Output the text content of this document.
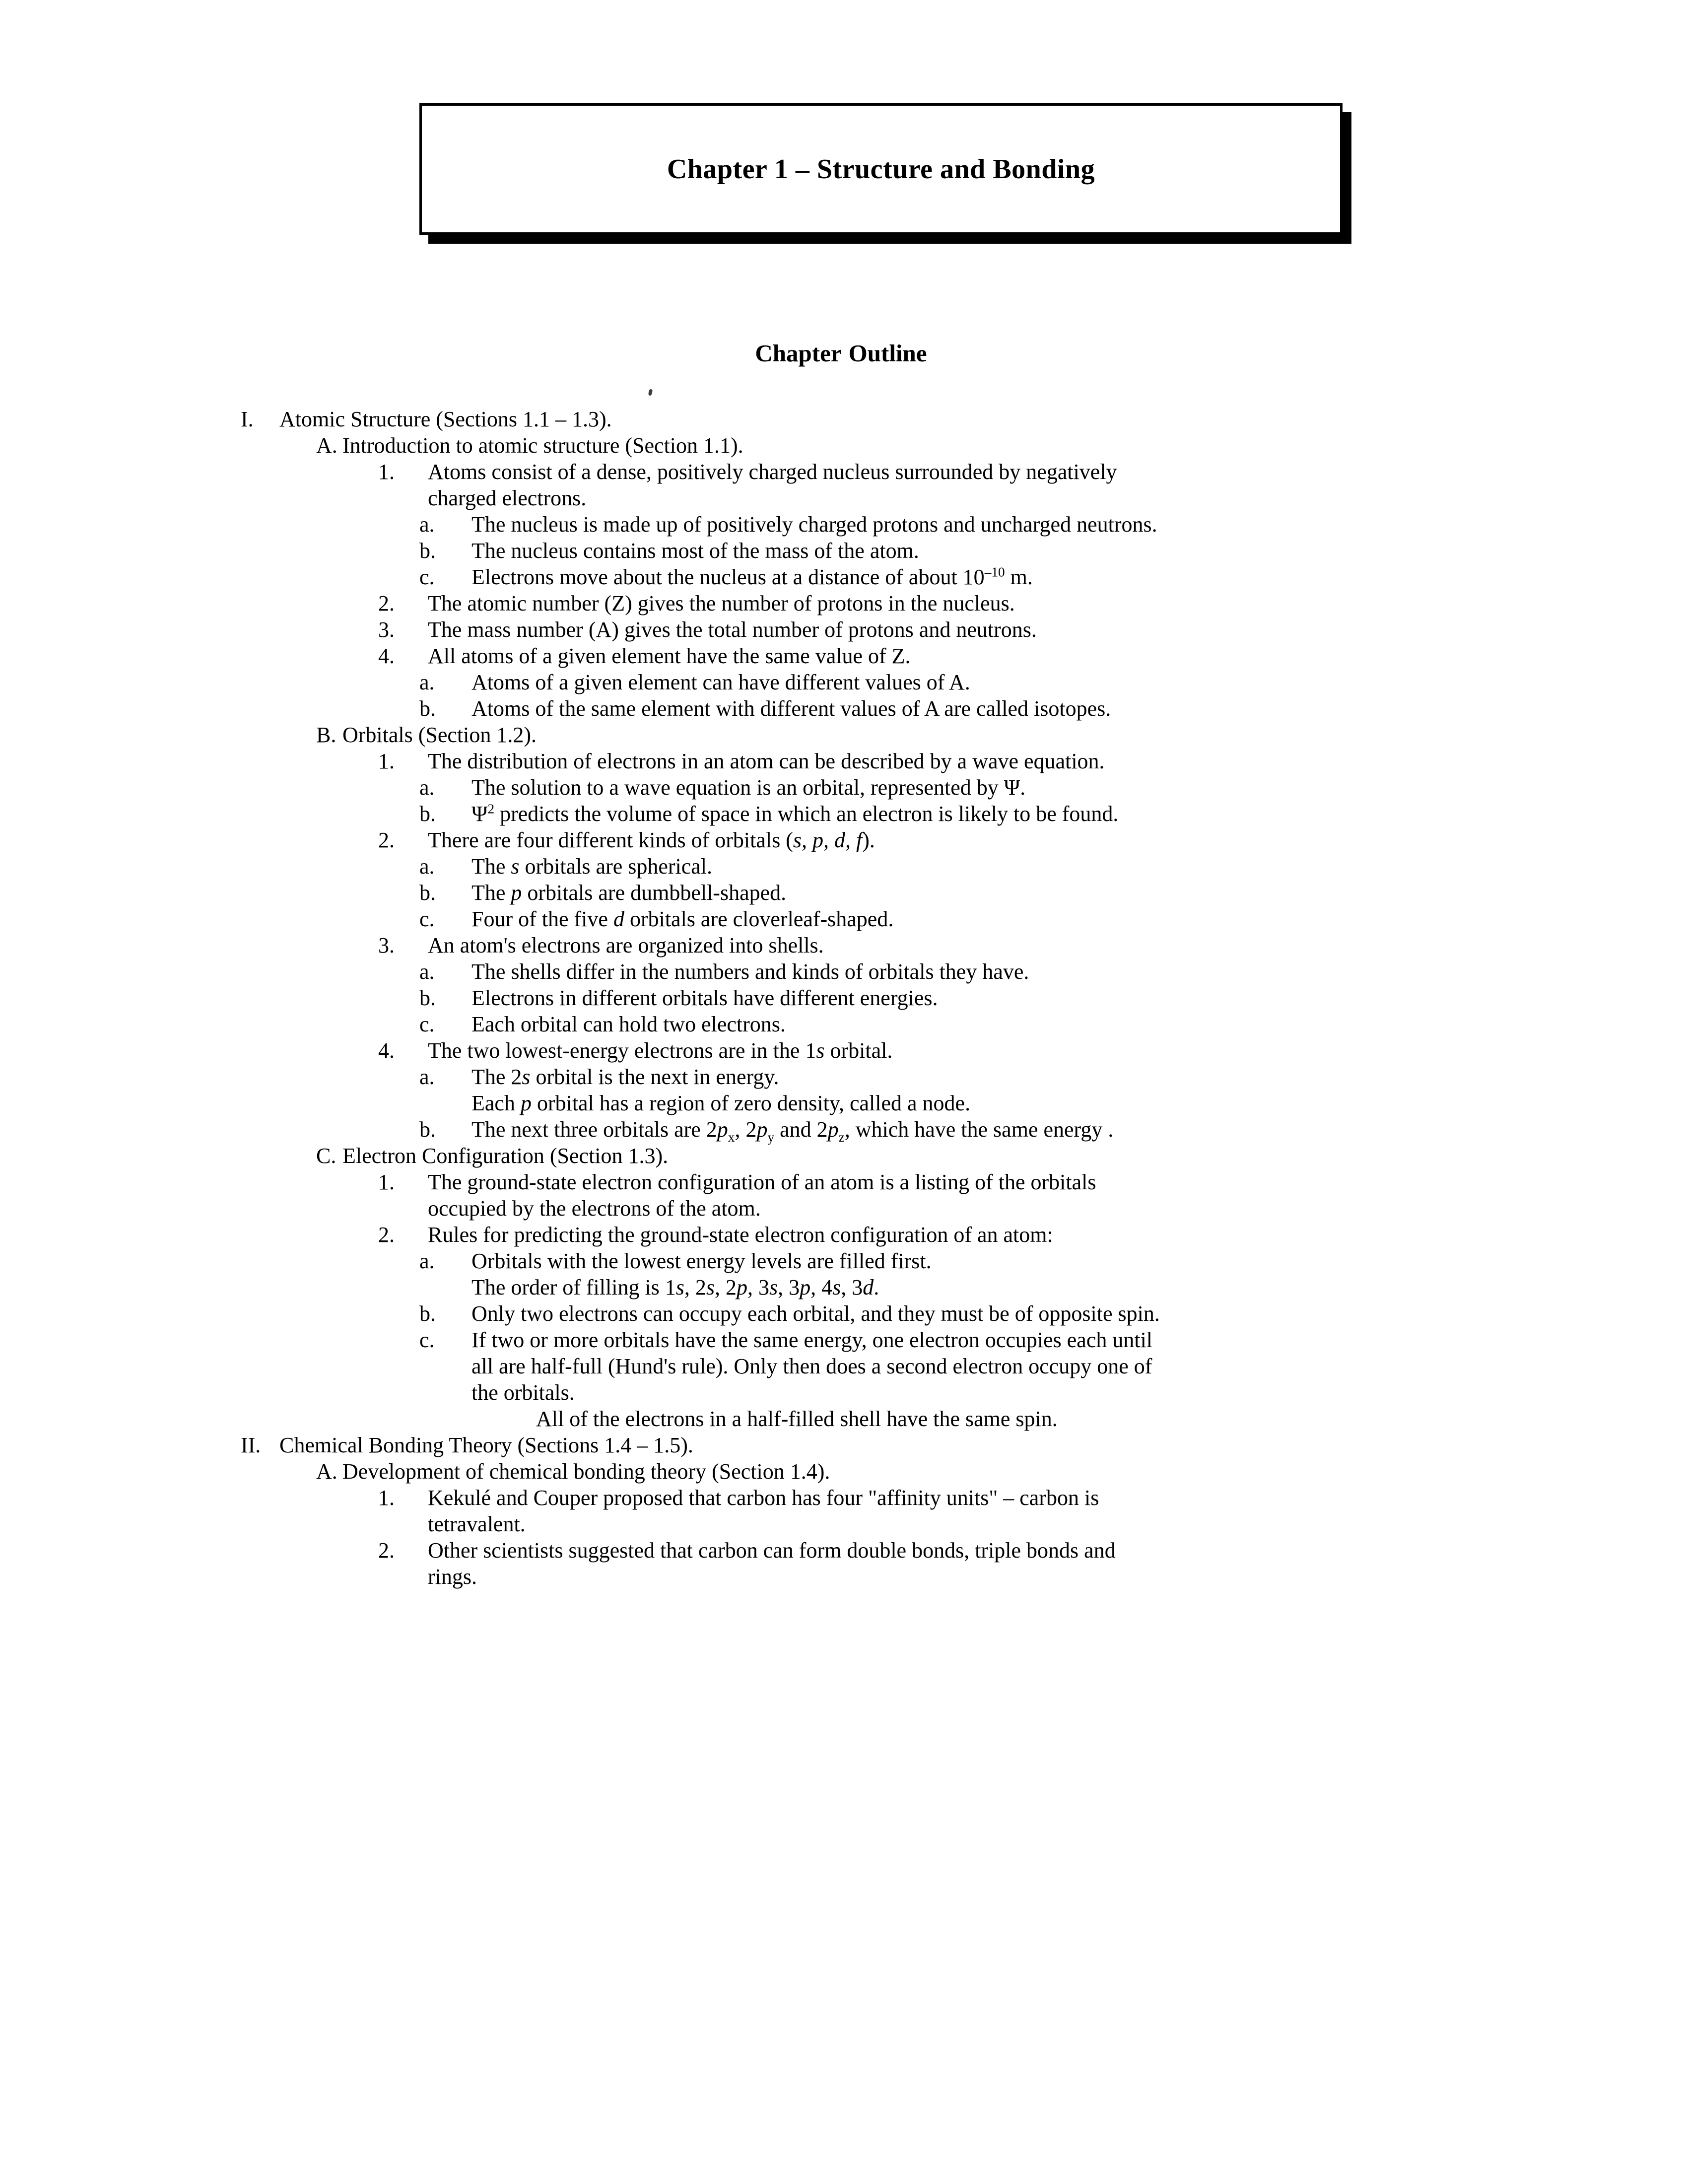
Chapter 1 – Structure and Bonding
Chapter Outline
I. Atomic Structure (Sections 1.1 – 1.3).
A. Introduction to atomic structure (Section 1.1).
1. Atoms consist of a dense, positively charged nucleus surrounded by negatively
charged electrons.
a. The nucleus is made up of positively charged protons and uncharged neutrons.
b. The nucleus contains most of the mass of the atom.
c. Electrons move about the nucleus at a distance of about $10^{-10}$ m.
2. The atomic number (Z) gives the number of protons in the nucleus.
3. The mass number (A) gives the total number of protons and neutrons.
4. All atoms of a given element have the same value of Z.
a. Atoms of a given element can have different values of A.
b. Atoms of the same element with different values of A are called isotopes.
B. Orbitals (Section 1.2).
1. The distribution of electrons in an atom can be described by a wave equation.
a. The solution to a wave equation is an orbital, represented by Ψ.
b. $\Psi^2$ predicts the volume of space in which an electron is likely to be found.
2. There are four different kinds of orbitals (s, p, d, f).
a. The s orbitals are spherical.
b. The p orbitals are dumbbell-shaped.
c. Four of the five d orbitals are cloverleaf-shaped.
3. An atom's electrons are organized into shells.
a. The shells differ in the numbers and kinds of orbitals they have.
b. Electrons in different orbitals have different energies.
c. Each orbital can hold two electrons.
4. The two lowest-energy electrons are in the 1s orbital.
a. The 2s orbital is the next in energy.
Each p orbital has a region of zero density, called a node.
b. The next three orbitals are $2p_x$, $2p_y$ and $2p_z$, which have the same energy .
C. Electron Configuration (Section 1.3).
1. The ground-state electron configuration of an atom is a listing of the orbitals
occupied by the electrons of the atom.
2. Rules for predicting the ground-state electron configuration of an atom:
a. Orbitals with the lowest energy levels are filled first.
The order of filling is 1s, 2s, 2p, 3s, 3p, 4s, 3d.
b. Only two electrons can occupy each orbital, and they must be of opposite spin.
c. If two or more orbitals have the same energy, one electron occupies each until
all are half-full (Hund's rule). Only then does a second electron occupy one of
the orbitals.
All of the electrons in a half-filled shell have the same spin.
II. Chemical Bonding Theory (Sections 1.4 – 1.5).
A. Development of chemical bonding theory (Section 1.4).
1. Kekulé and Couper proposed that carbon has four "affinity units" – carbon is
tetravalent.
2. Other scientists suggested that carbon can form double bonds, triple bonds and
rings.
